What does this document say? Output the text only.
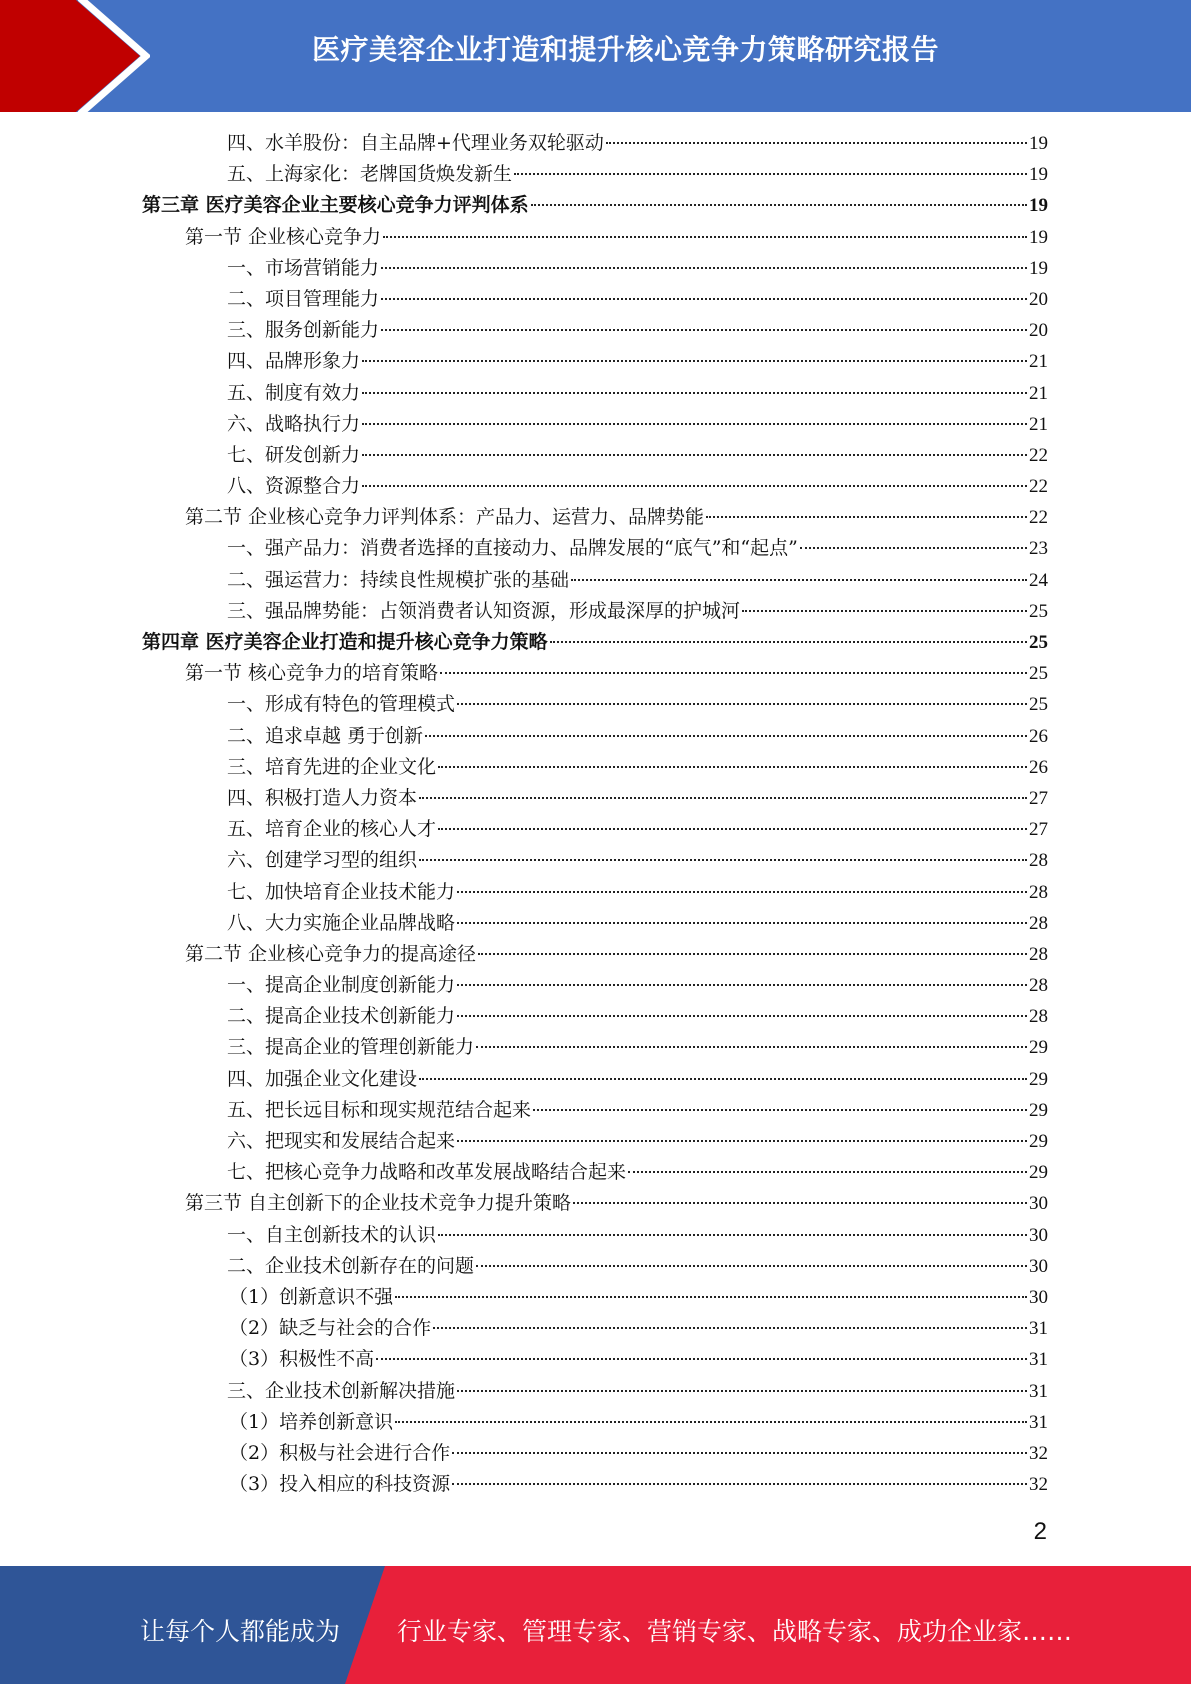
医疗美容企业打造和提升核心竞争力策略研究报告
四、水羊股份：自主品牌+代理业务双轮驱动	19
五、上海家化：老牌国货焕发新生	19
第三章 医疗美容企业主要核心竞争力评判体系	19
第一节 企业核心竞争力	19
一、市场营销能力	19
二、项目管理能力	20
三、服务创新能力	20
四、品牌形象力	21
五、制度有效力	21
六、战略执行力	21
七、研发创新力	22
八、资源整合力	22
第二节 企业核心竞争力评判体系：产品力、运营力、品牌势能	22
一、强产品力：消费者选择的直接动力、品牌发展的“底气”和“起点”	23
二、强运营力：持续良性规模扩张的基础	24
三、强品牌势能：占领消费者认知资源，形成最深厚的护城河	25
第四章 医疗美容企业打造和提升核心竞争力策略	25
第一节 核心竞争力的培育策略	25
一、形成有特色的管理模式	25
二、追求卓越 勇于创新	26
三、培育先进的企业文化	26
四、积极打造人力资本	27
五、培育企业的核心人才	27
六、创建学习型的组织	28
七、加快培育企业技术能力	28
八、大力实施企业品牌战略	28
第二节 企业核心竞争力的提高途径	28
一、提高企业制度创新能力	28
二、提高企业技术创新能力	28
三、提高企业的管理创新能力	29
四、加强企业文化建设	29
五、把长远目标和现实规范结合起来	29
六、把现实和发展结合起来	29
七、把核心竞争力战略和改革发展战略结合起来	29
第三节 自主创新下的企业技术竞争力提升策略	30
一、自主创新技术的认识	30
二、企业技术创新存在的问题	30
（1）创新意识不强	30
（2）缺乏与社会的合作	31
（3）积极性不高	31
三、企业技术创新解决措施	31
（1）培养创新意识	31
（2）积极与社会进行合作	32
（3）投入相应的科技资源	32
2
让每个人都能成为 行业专家、管理专家、营销专家、战略专家、成功企业家……
